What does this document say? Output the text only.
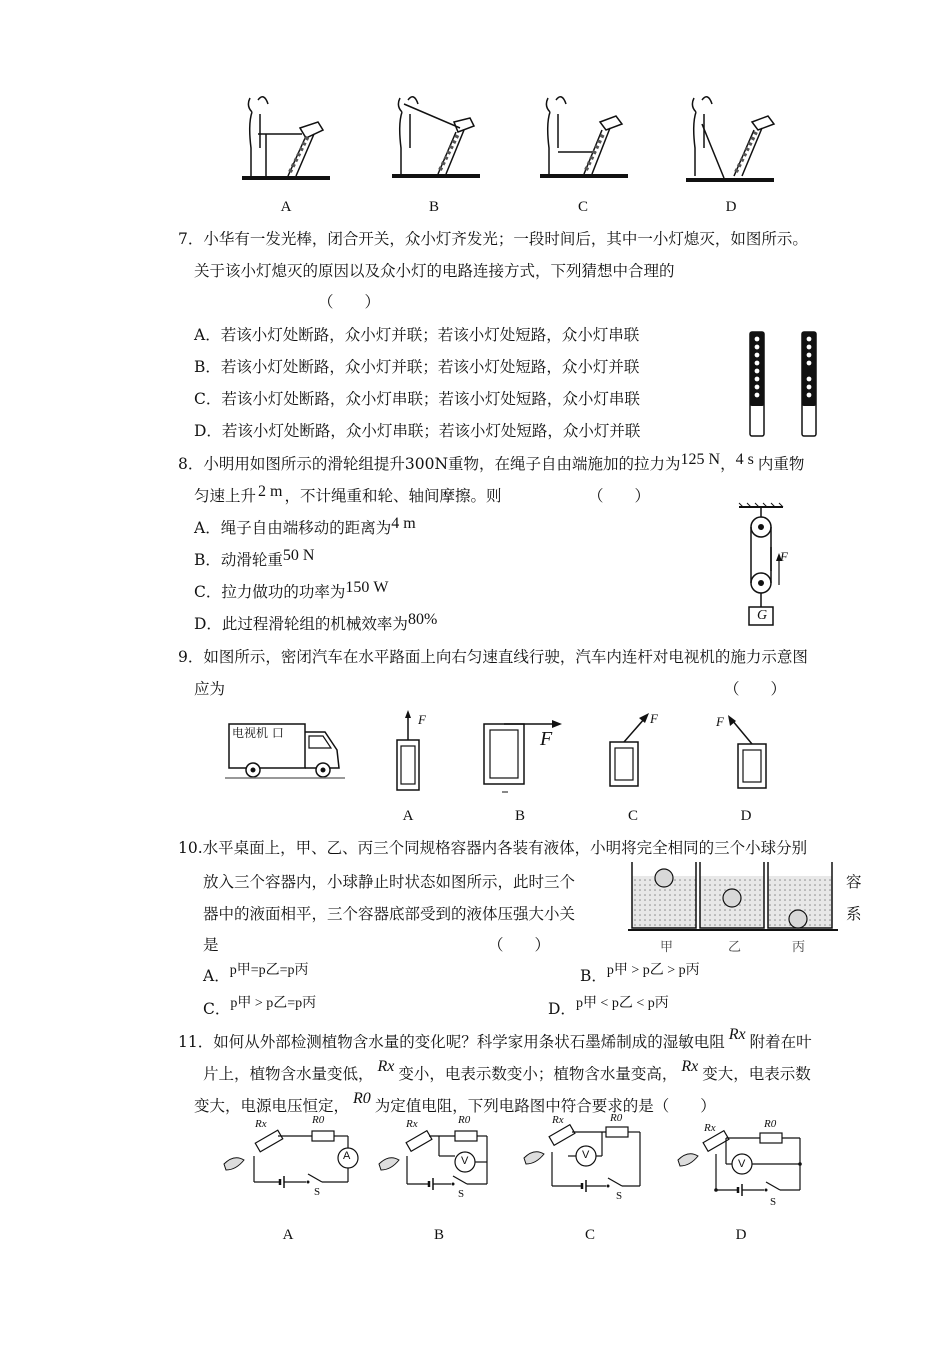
A	B	C	D
7．小华有一发光棒，闭合开关，众小灯齐发光；一段时间后，其中一小灯熄灭，如图所示。
关于该小灯熄灭的原因以及众小灯的电路连接方式，下列猜想中合理的
（　　）
A．若该小灯处断路，众小灯并联；若该小灯处短路，众小灯串联
B．若该小灯处断路，众小灯并联；若该小灯处短路，众小灯并联
C．若该小灯处断路，众小灯串联；若该小灯处短路，众小灯串联
D．若该小灯处断路，众小灯串联；若该小灯处短路，众小灯并联
8．小明用如图所示的滑轮组提升300N重物，在绳子自由端施加的拉力为125 N，4 s 内重物
匀速上升 2 m ，不计绳重和轮、轴间摩擦。则	（　　）
A．绳子自由端移动的距离为4 m
B．动滑轮重50 N
C．拉力做功的功率为150 W
D．此过程滑轮组的机械效率为80%
F
G
9．如图所示，密闭汽车在水平路面上向右匀速直线行驶，汽车内连杆对电视机的施力示意图
应为	（　　）
电视机 口
F
F
F	F
A	B	C	D
10.水平桌面上，甲、乙、丙三个同规格容器内各装有液体，小明将完全相同的三个小球分别
放入三个容器内，小球静止时状态如图所示，此时三个	容
器中的液面相平，三个容器底部受到的液体压强大小关	系
是	（　　）	甲	乙	丙
A．p甲=p乙=p丙	B．p甲 > p乙 > p丙
C．p甲 > p乙=p丙	D．p甲 < p乙 < p丙
11．如何从外部检测植物含水量的变化呢？科学家用条状石墨烯制成的湿敏电阻 Rx 附着在叶
片上，植物含水量变低， Rx 变小，电表示数变小；植物含水量变高， Rx 变大，电表示数
变大，电源电压恒定， R0 为定值电阻，下列电路图中符合要求的是（　　）
A
Rx	R0
S
V
Rx	R0
S
V
Rx	R0
S
V
Rx	R0
S
A	B	C	D
